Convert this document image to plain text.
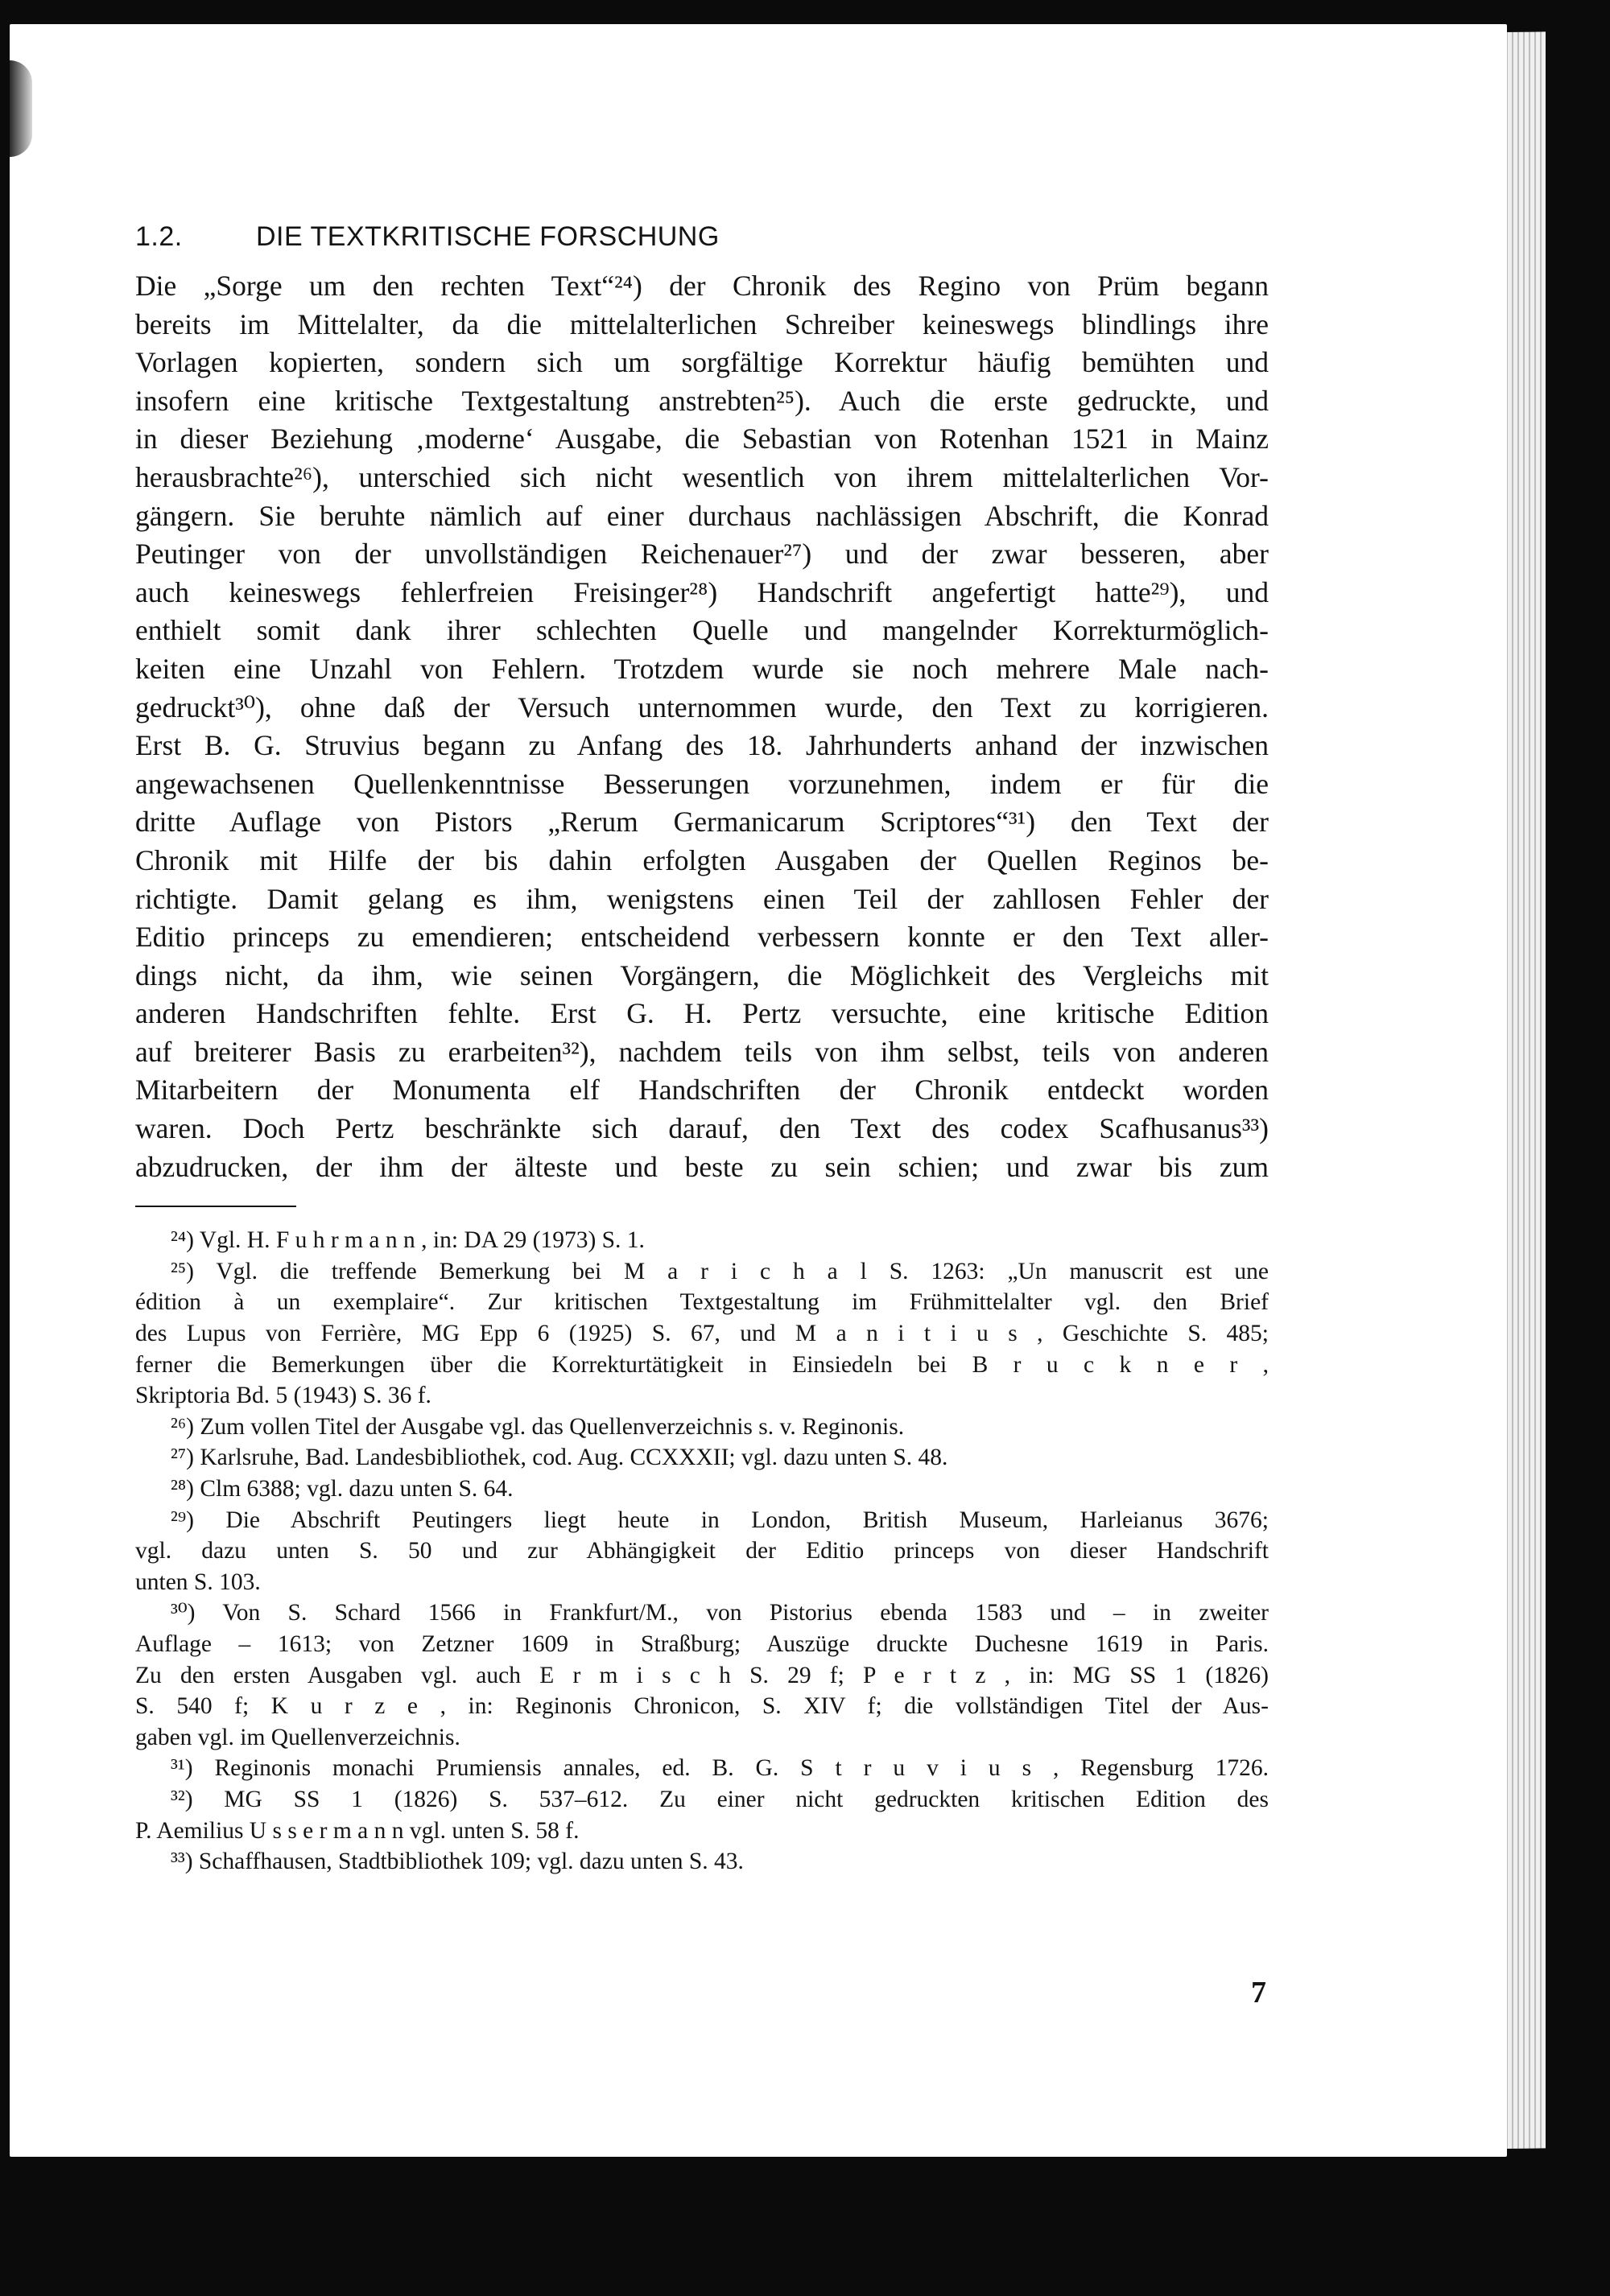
1.2.	DIE TEXTKRITISCHE FORSCHUNG
Die „Sorge um den rechten Text“²⁴) der Chronik des Regino von Prüm begann
bereits im Mittelalter, da die mittelalterlichen Schreiber keineswegs blindlings ihre
Vorlagen kopierten, sondern sich um sorgfältige Korrektur häufig bemühten und
insofern eine kritische Textgestaltung anstrebten²⁵). Auch die erste gedruckte, und
in dieser Beziehung ‚moderne‘ Ausgabe, die Sebastian von Rotenhan 1521 in Mainz
herausbrachte²⁶), unterschied sich nicht wesentlich von ihrem mittelalterlichen Vor-
gängern. Sie beruhte nämlich auf einer durchaus nachlässigen Abschrift, die Konrad
Peutinger von der unvollständigen Reichenauer²⁷) und der zwar besseren, aber
auch keineswegs fehlerfreien Freisinger²⁸) Handschrift angefertigt hatte²⁹), und
enthielt somit dank ihrer schlechten Quelle und mangelnder Korrekturmöglich-
keiten eine Unzahl von Fehlern. Trotzdem wurde sie noch mehrere Male nach-
gedruckt³⁰), ohne daß der Versuch unternommen wurde, den Text zu korrigieren.
Erst B. G. Struvius begann zu Anfang des 18. Jahrhunderts anhand der inzwischen
angewachsenen Quellenkenntnisse Besserungen vorzunehmen, indem er für die
dritte Auflage von Pistors „Rerum Germanicarum Scriptores“³¹) den Text der
Chronik mit Hilfe der bis dahin erfolgten Ausgaben der Quellen Reginos be-
richtigte. Damit gelang es ihm, wenigstens einen Teil der zahllosen Fehler der
Editio princeps zu emendieren; entscheidend verbessern konnte er den Text aller-
dings nicht, da ihm, wie seinen Vorgängern, die Möglichkeit des Vergleichs mit
anderen Handschriften fehlte. Erst G. H. Pertz versuchte, eine kritische Edition
auf breiterer Basis zu erarbeiten³²), nachdem teils von ihm selbst, teils von anderen
Mitarbeitern der Monumenta elf Handschriften der Chronik entdeckt worden
waren. Doch Pertz beschränkte sich darauf, den Text des codex Scafhusanus³³)
abzudrucken, der ihm der älteste und beste zu sein schien; und zwar bis zum
²⁴) Vgl. H. F u h r m a n n , in: DA 29 (1973) S. 1.
²⁵) Vgl. die treffende Bemerkung bei M a r i c h a l S. 1263: „Un manuscrit est une
édition à un exemplaire“. Zur kritischen Textgestaltung im Frühmittelalter vgl. den Brief
des Lupus von Ferrière, MG Epp 6 (1925) S. 67, und M a n i t i u s , Geschichte S. 485;
ferner die Bemerkungen über die Korrekturtätigkeit in Einsiedeln bei B r u c k n e r ,
Skriptoria Bd. 5 (1943) S. 36 f.
²⁶) Zum vollen Titel der Ausgabe vgl. das Quellenverzeichnis s. v. Reginonis.
²⁷) Karlsruhe, Bad. Landesbibliothek, cod. Aug. CCXXXII; vgl. dazu unten S. 48.
²⁸) Clm 6388; vgl. dazu unten S. 64.
²⁹) Die Abschrift Peutingers liegt heute in London, British Museum, Harleianus 3676;
vgl. dazu unten S. 50 und zur Abhängigkeit der Editio princeps von dieser Handschrift
unten S. 103.
³⁰) Von S. Schard 1566 in Frankfurt/M., von Pistorius ebenda 1583 und – in zweiter
Auflage – 1613; von Zetzner 1609 in Straßburg; Auszüge druckte Duchesne 1619 in Paris.
Zu den ersten Ausgaben vgl. auch E r m i s c h S. 29 f; P e r t z , in: MG SS 1 (1826)
S. 540 f; K u r z e , in: Reginonis Chronicon, S. XIV f; die vollständigen Titel der Aus-
gaben vgl. im Quellenverzeichnis.
³¹) Reginonis monachi Prumiensis annales, ed. B. G. S t r u v i u s , Regensburg 1726.
³²) MG SS 1 (1826) S. 537–612. Zu einer nicht gedruckten kritischen Edition des
P. Aemilius U s s e r m a n n vgl. unten S. 58 f.
³³) Schaffhausen, Stadtbibliothek 109; vgl. dazu unten S. 43.
7
